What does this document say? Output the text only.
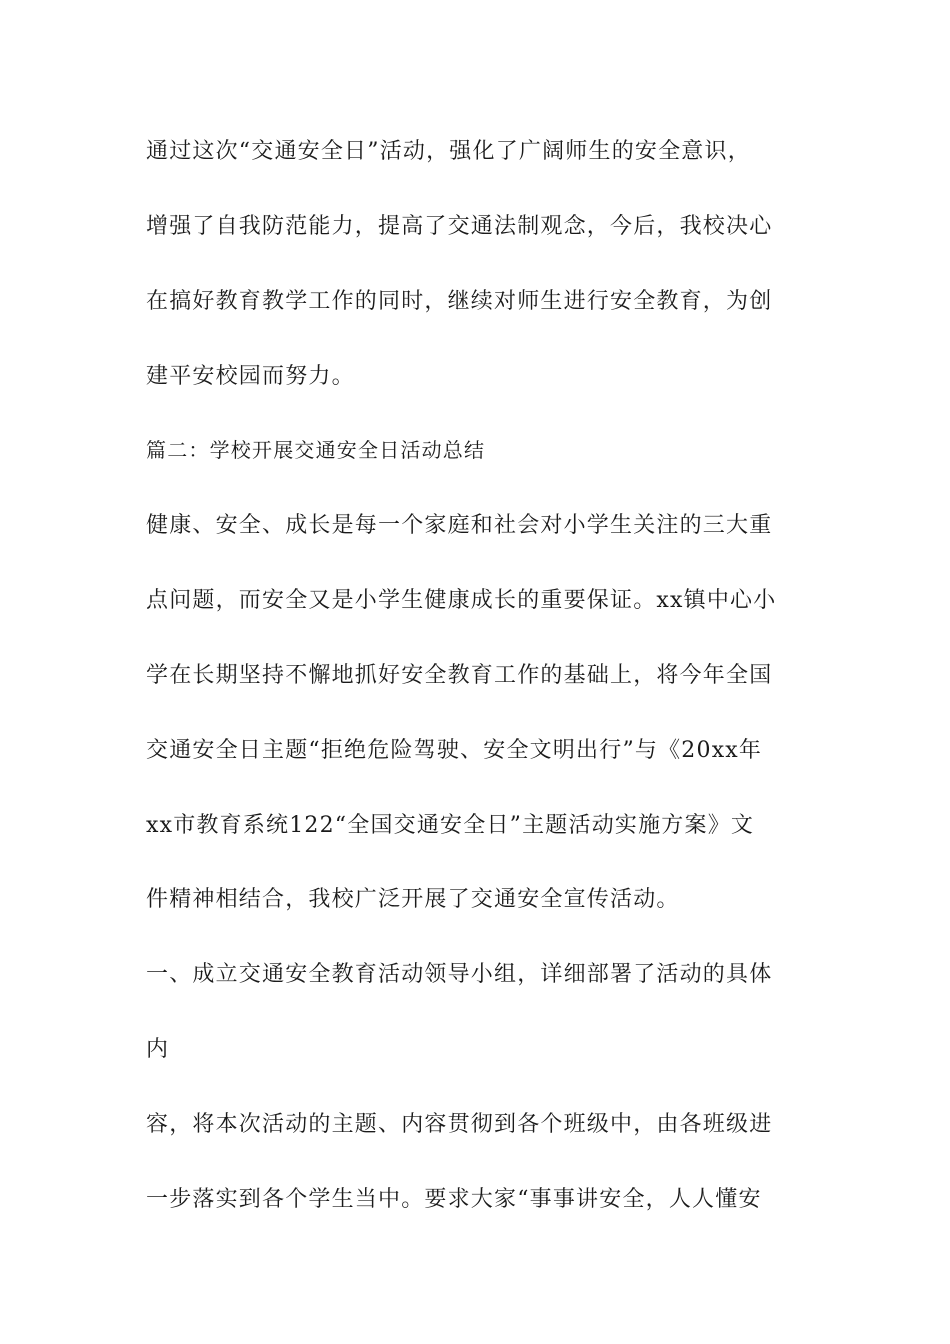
通过这次“交通安全日”活动，强化了广阔师生的安全意识，
增强了自我防范能力，提高了交通法制观念，今后，我校决心
在搞好教育教学工作的同时，继续对师生进行安全教育，为创
建平安校园而努力。
篇二：学校开展交通安全日活动总结
健康、安全、成长是每一个家庭和社会对小学生关注的三大重
点问题，而安全又是小学生健康成长的重要保证。xx镇中心小
学在长期坚持不懈地抓好安全教育工作的基础上，将今年全国
交通安全日主题“拒绝危险驾驶、安全文明出行”与《20xx年
xx市教育系统122“全国交通安全日”主题活动实施方案》文
件精神相结合，我校广泛开展了交通安全宣传活动。
一、成立交通安全教育活动领导小组，详细部署了活动的具体
内
容，将本次活动的主题、内容贯彻到各个班级中，由各班级进
一步落实到各个学生当中。要求大家“事事讲安全，人人懂安
